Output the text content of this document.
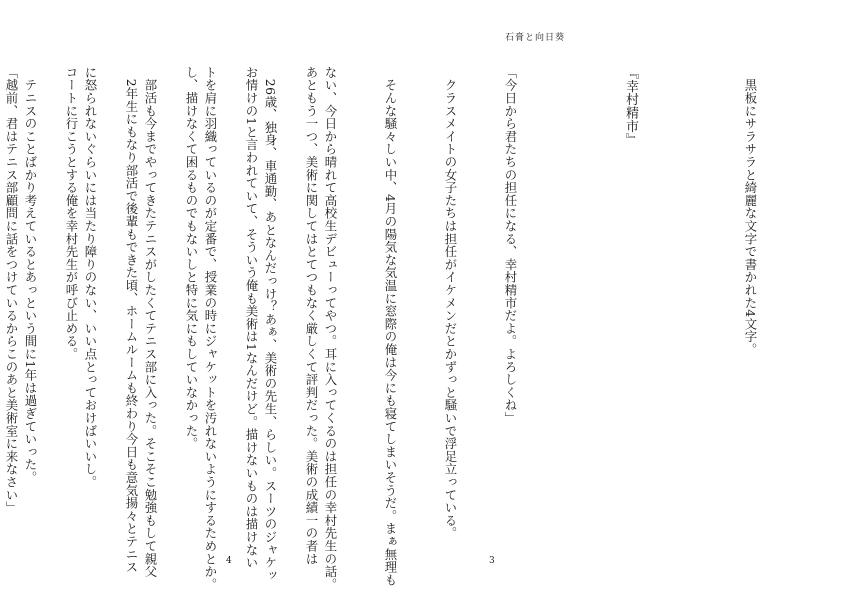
あともう一つ、美術に関してはとてつもなく厳しくて評判だった。美術の成績一の者は

お情けの1と言われていて、そういう俺も美術は1なんだけど。描けないものは描けない

し、描けなくて困るものでもないしと特に気にもしていなかった。

　2年生にもなり部活で後輩もできた頃、ホームルームも終わり今日も意気揚々とテニス

コートに行こうとする俺を幸村先生が呼び止める。

「越前、君はテニス部顧問に話をつけているからこのあと美術室に来なさい」

4
石膏と向日葵

　黒板にサラサラと綺麗な文字で書かれた4文字。

『幸村精市』

「今日から君たちの担任になる、幸村精市だよ。よろしくね」

　クラスメイトの女子たちは担任がイケメンだとかずっと騒いで浮足立っている。

　そんな騒々しい中、4月の陽気な気温に窓際の俺は今にも寝てしまいそうだ。まぁ無理も

ない、今日から晴れて高校生デビューってやつ。耳に入ってくるのは担任の幸村先生の話。

　26歳、独身、車通勤、あとなんだっけ？あぁ、美術の先生、らしい。スーツのジャケッ

トを肩に羽織っているのが定番で、授業の時にジャケットを汚れないようにするためとか。

　部活も今までやってきたテニスがしたくてテニス部に入った。そこそこ勉強もして親父

に怒られないぐらいには当たり障りのない、いい点とっておけばいいし。

　テニスのことばかり考えているとあっという間に1年は過ぎていった。

3
